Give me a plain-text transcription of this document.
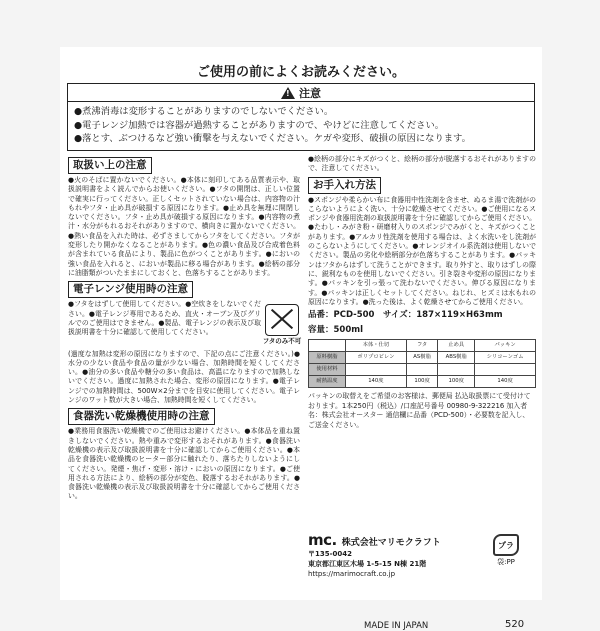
ご使用の前によくお読みください。
!
注意

●煮沸消毒は変形することがありますのでしないでください。

●電子レンジ加熱では容器が過熱することがありますので、やけどに注意してください。

●落とす、ぶつけるなど強い衝撃を与えないでください。ケガや変形、破損の原因になります。

取扱い上の注意
●火のそばに置かないでください。●本体に刻印してある品質表示や、取扱説明書をよく読んでからお使いください。●フタの開閉は、正しい位置で確実に行ってください。正しくセットされていない場合は、内容物の汁もれやフタ・止め具が破損する原因になります。●止め具を無理に開閉しないでください。フタ・止め具が破損する原因になります。●内容物の煮汁・水分がもれるおそれがありますので、横向きに置かないでください。●熱い食品を入れた時は、必ずさましてからフタをしてください。フタが変形したり開かなくなることがあります。●色の濃い食品及び合成着色料が含まれている食品により、製品に色がつくことがあります。●においの強い食品を入れると、においが製品に移る場合があります。●絵柄の部分に油脂類がついたままにしておくと、色落ちすることがあります。
電子レンジ使用時の注意
●フタをはずして使用してください。●空炊きをしないでください。●電子レンジ専用であるため、直火・オーブン及びグリルでのご使用はできません。●製品、電子レンジの表示及び取扱説明書を十分に確認して使用してください。
フタのみ不可
(過度な加熱は変形の原因になりますので、下記の点にご注意ください。)●水分の少ない食品や食品の量が少ない場合、加熱時間を短くしてください。●油分の多い食品や糖分の多い食品は、高温になりますので加熱しないでください。過度に加熱された場合、変形の原因になります。●電子レンジでの加熱時間は、500W×2分までを目安に使用してください。電子レンジのワット数が大きい場合、加熱時間を短くしてください。
食器洗い乾燥機使用時の注意
●業務用食器洗い乾燥機でのご使用はお避けください。●本体品を重ね置きしないでください。熱や重みで変形するおそれがあります。●食器洗い乾燥機の表示及び取扱説明書を十分に確認してからご使用ください。●本品を食器洗い乾燥機のヒーター部分に触れたり、落ちたりしないようにしてください。発煙・焦げ・変形・溶け・においの原因になります。●ご使用される方法により、絵柄の部分が変色、脱落するおそれがあります。●食器洗い乾燥機の表示及び取扱説明書を十分に確認してからご使用ください。
●絵柄の部分にキズがつくと、絵柄の部分が脱落するおそれがありますので、注意してください。
お手入れ方法
●スポンジや柔らかい布に食器用中性洗剤を含ませ、ぬるま湯で洗剤がのこらないようによく洗い、十分に乾燥させてください。●ご使用になるスポンジや食器用洗剤の取扱説明書を十分に確認してからご使用ください。●たわし・みがき粉・研磨材入りのスポンジでみがくと、キズがつくことがあります。●アルカリ性洗剤を使用する場合は、よく水洗いをし洗剤がのこらないようにしてください。●オレンジオイル系洗剤は使用しないでください。製品の劣化や絵柄部分が色落ちすることがあります。●パッキンはフタからはずして洗うことができます。取り外すと、取りはずしの際に、鋭利なものを使用しないでください。引き裂きや変形の原因になります。●パッキンを引っ張って洗わないでください。伸びる原因になります。●パッキンは正しくセットしてください。ねじれ、ヒズミは水もれの原因になります。●洗った後は、よく乾燥させてからご使用ください。
品番：PCD-500　サイズ：187×119×H63mm
容量：500ml
	本体・仕切	フタ	止め具	パッキン
原料樹脂	ポリプロピレン	AS樹脂	ABS樹脂	シリコーンゴム
使用材料				
耐熱温度	140度	100度	100度	140度
パッキンの取替えをご希望のお客様は、郵便局 払込取扱票にて受付けております。1本250円（税込）/口座記号番号 00980-9-322216 加入者名：株式会社オースター 通信欄に品番（PCD-500）・必要数を記入し、ご送金ください。
mc. 株式会社マリモクラフト
〒135-0042
東京都江東区木場 1-5-15 N棟 21階
https://marimocraft.co.jp
プラ
袋:PP
MADE IN JAPAN	520
